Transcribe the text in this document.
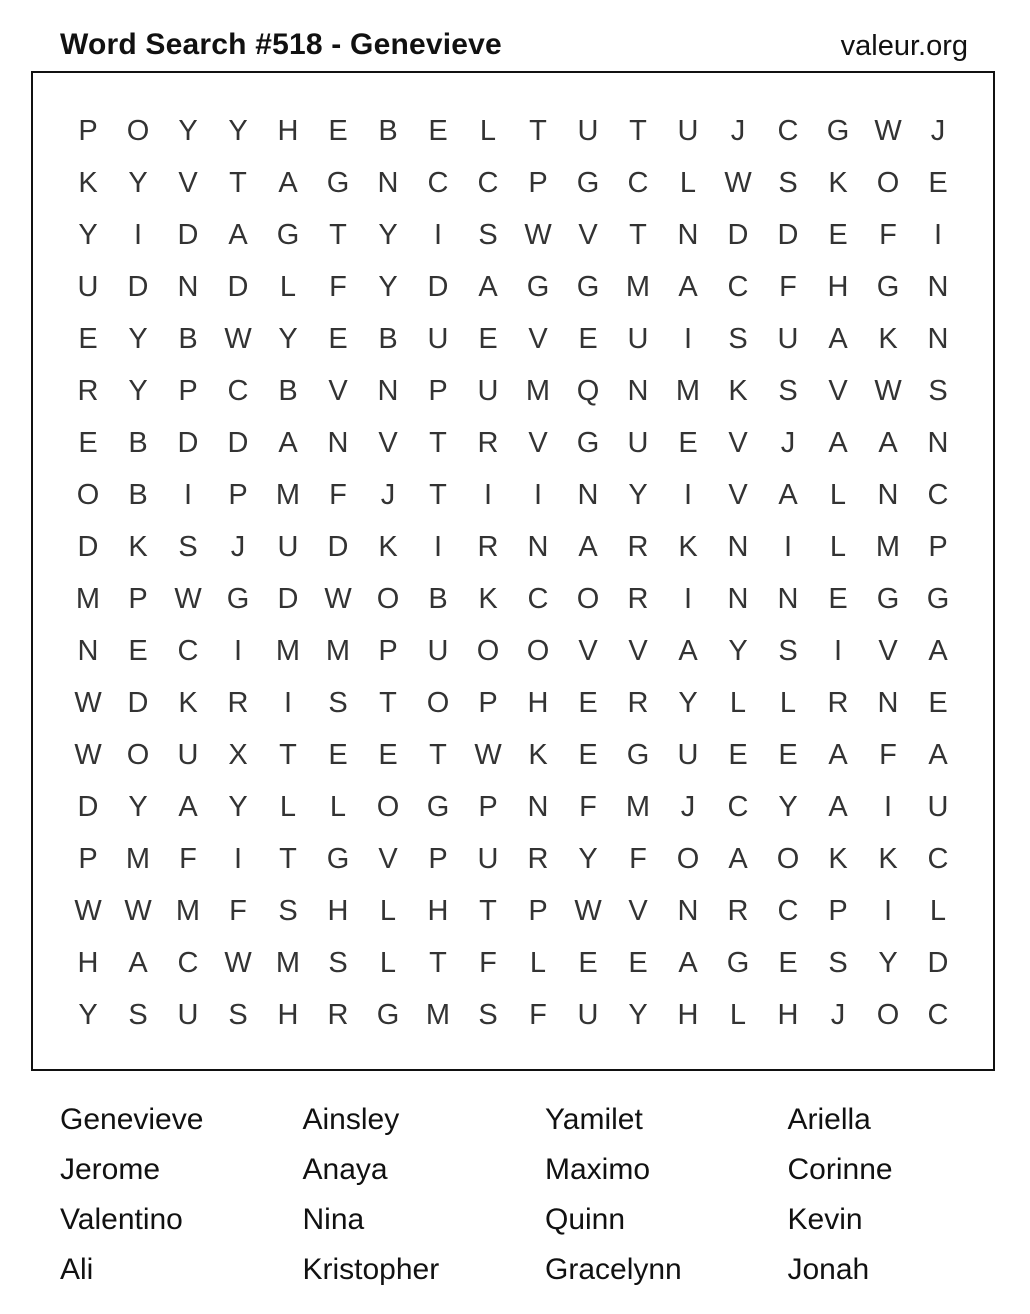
Word Search #518 - Genevieve	valeur.org
P	O	Y	Y	H	E	B	E	L	T	U	T	U	J	C G W	J
K	Y	V	T	A	G N	C	C	P	G C	L W S	K	O	E
Y	I	D	A	G	T	Y	I	S W V	T	N	D	D	E	F	I
U	D	N	D	L	F	Y	D	A	G G M A	C	F	H G N
E	Y	B W Y	E	B	U	E	V	E	U	I	S	U	A	K	N
R	Y	P	C	B	V	N	P	U M Q N M K	S	V W S
E	B	D	D	A	N	V	T	R	V	G U	E	V	J	A	A	N
O	B	I	P M	F	J	T	I	I	N	Y	I	V	A	L	N	C
D	K	S	J	U	D	K	I	R	N	A	R	K	N	I	L	M P
M P W G D W O	B	K	C O R	I	N	N	E	G G
N	E	C	I	M M P	U O O	V	V	A	Y	S	I	V	A
W D	K	R	I	S	T	O	P	H	E	R	Y	L	L	R	N	E
W O U	X	T	E	E	T W K	E	G U	E	E	A	F	A
D	Y	A	Y	L	L	O G	P	N	F	M	J	C	Y	A	I	U
P M	F	I	T	G	V	P	U	R	Y	F	O	A	O	K	K	C
W W M	F	S	H	L	H	T	P W V	N	R	C	P	I	L
H	A	C W M S	L	T	F	L	E	E	A	G	E	S	Y	D
Y	S	U	S	H	R G M S	F	U	Y	H	L	H	J	O C
Genevieve	Ainsley	Yamilet	Ariella
Jerome	Anaya	Maximo	Corinne
Valentino	Nina	Quinn	Kevin
Ali	Kristopher	Gracelynn	Jonah
